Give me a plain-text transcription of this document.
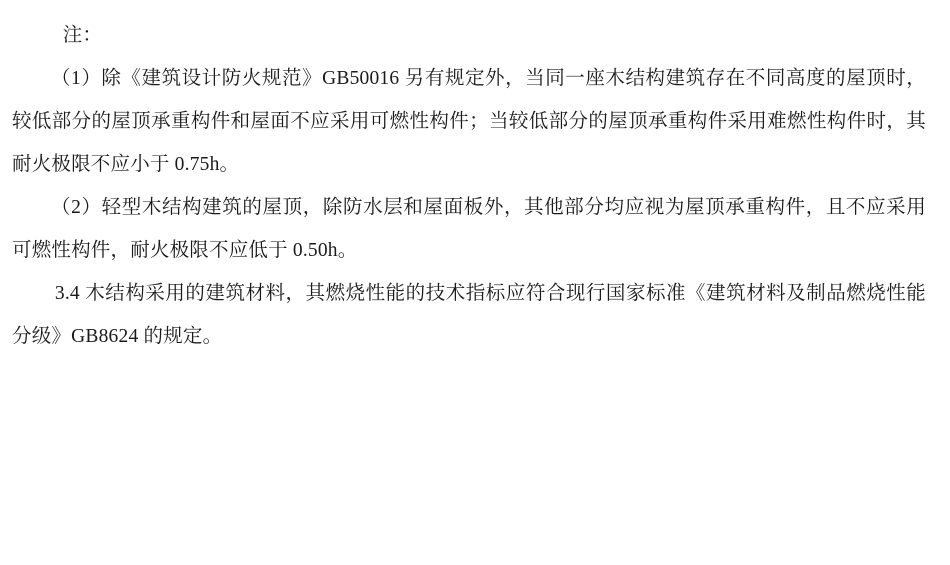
注：

（1）除《建筑设计防火规范》GB50016 另有规定外，当同一座木结构建筑存在不同高度的屋顶时，较低部分的屋顶承重构件和屋面不应采用可燃性构件；当较低部分的屋顶承重构件采用难燃性构件时，其耐火极限不应小于 0.75h。

（2）轻型木结构建筑的屋顶，除防水层和屋面板外，其他部分均应视为屋顶承重构件，且不应采用可燃性构件，耐火极限不应低于 0.50h。

3.4 木结构采用的建筑材料，其燃烧性能的技术指标应符合现行国家标准《建筑材料及制品燃烧性能分级》GB8624 的规定。
